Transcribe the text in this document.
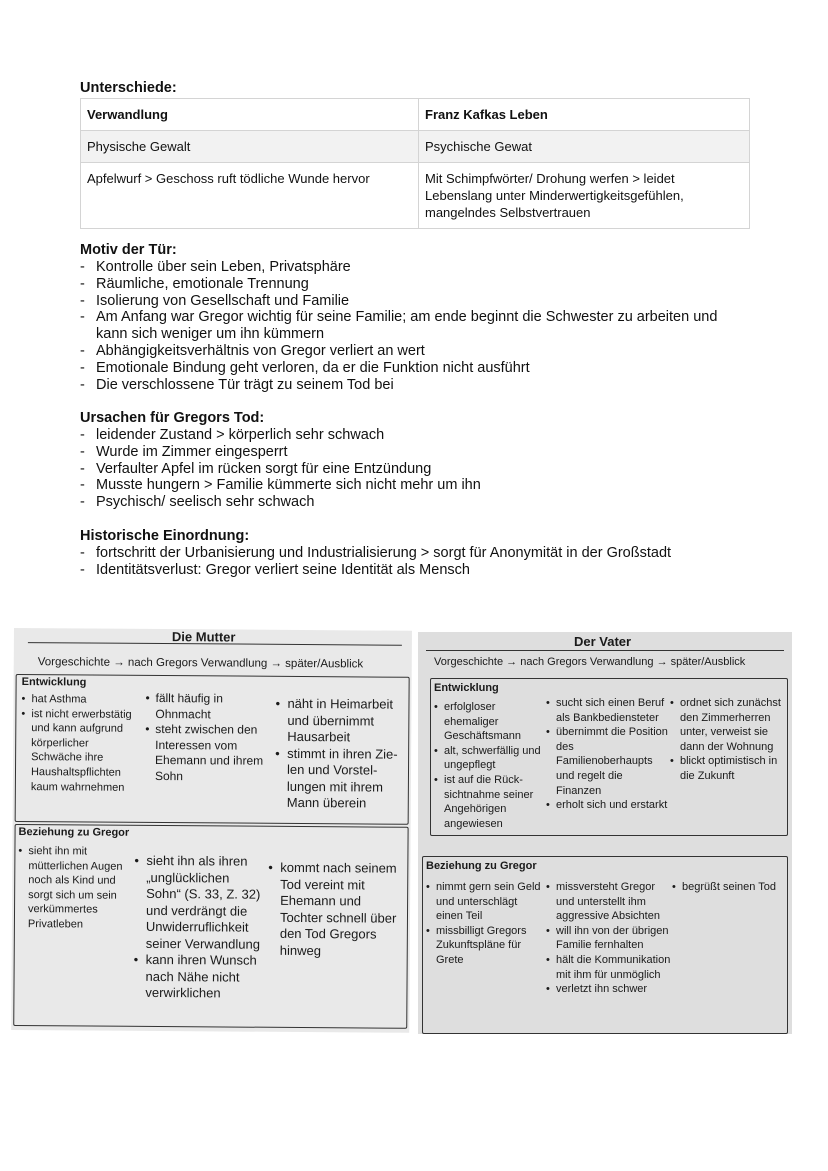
Unterschiede:
Verwandlung	Franz Kafkas Leben
Physische Gewalt	Psychische Gewat
Apfelwurf > Geschoss ruft tödliche Wunde hervor	Mit Schimpfwörter/ Drohung werfen > leidet Lebenslang unter Minderwertigkeitsgefühlen, mangelndes Selbstvertrauen
Motiv der Tür:
- Kontrolle über sein Leben, Privatsphäre
- Räumliche, emotionale Trennung
- Isolierung von Gesellschaft und Familie
- Am Anfang war Gregor wichtig für seine Familie; am ende beginnt die Schwester zu arbeiten und kann sich weniger um ihn kümmern
- Abhängigkeitsverhältnis von Gregor verliert an wert
- Emotionale Bindung geht verloren, da er die Funktion nicht ausführt
- Die verschlossene Tür trägt zu seinem Tod bei
Ursachen für Gregors Tod:
- leidender Zustand > körperlich sehr schwach
- Wurde im Zimmer eingesperrt
- Verfaulter Apfel im rücken sorgt für eine Entzündung
- Musste hungern > Familie kümmerte sich nicht mehr um ihn
- Psychisch/ seelisch sehr schwach
Historische Einordnung:
- fortschritt der Urbanisierung und Industrialisierung > sorgt für Anonymität in der Großstadt
- Identitätsverlust: Gregor verliert seine Identität als Mensch
Die Mutter
Vorgeschichte → nach Gregors Verwandlung → später/Ausblick
Entwicklung
• hat Asthma
• ist nicht erwerbstätig und kann aufgrund körperlicher Schwäche ihre Haushaltspflichten kaum wahrnehmen
• fällt häufig in Ohnmacht
• steht zwischen den Interessen vom Ehemann und ihrem Sohn
• näht in Heimarbeit und übernimmt Hausarbeit
• stimmt in ihren Zielen und Vorstellungen mit ihrem Mann überein
Beziehung zu Gregor
• sieht ihn mit mütterlichen Augen noch als Kind und sorgt sich um sein verkümmertes Privatleben
• sieht ihn als ihren „unglücklichen Sohn“ (S. 33, Z. 32) und verdrängt die Unwiderruflichkeit seiner Verwandlung
• kann ihren Wunsch nach Nähe nicht verwirklichen
• kommt nach seinem Tod vereint mit Ehemann und Tochter schnell über den Tod Gregors hinweg
Der Vater
Vorgeschichte → nach Gregors Verwandlung → später/Ausblick
Entwicklung
• erfolgloser ehemaliger Geschäftsmann
• alt, schwerfällig und ungepflegt
• ist auf die Rücksichtnahme seiner Angehörigen angewiesen
• sucht sich einen Beruf als Bankbediensteter
• übernimmt die Position des Familienoberhaupts und regelt die Finanzen
• erholt sich und erstarkt
• ordnet sich zunächst den Zimmerherren unter, verweist sie dann der Wohnung
• blickt optimistisch in die Zukunft
Beziehung zu Gregor
• nimmt gern sein Geld und unterschlägt einen Teil
• missbilligt Gregors Zukunftspläne für Grete
• missversteht Gregor und unterstellt ihm aggressive Absichten
• will ihn von der übrigen Familie fernhalten
• hält die Kommunikation mit ihm für unmöglich
• verletzt ihn schwer
• begrüßt seinen Tod
